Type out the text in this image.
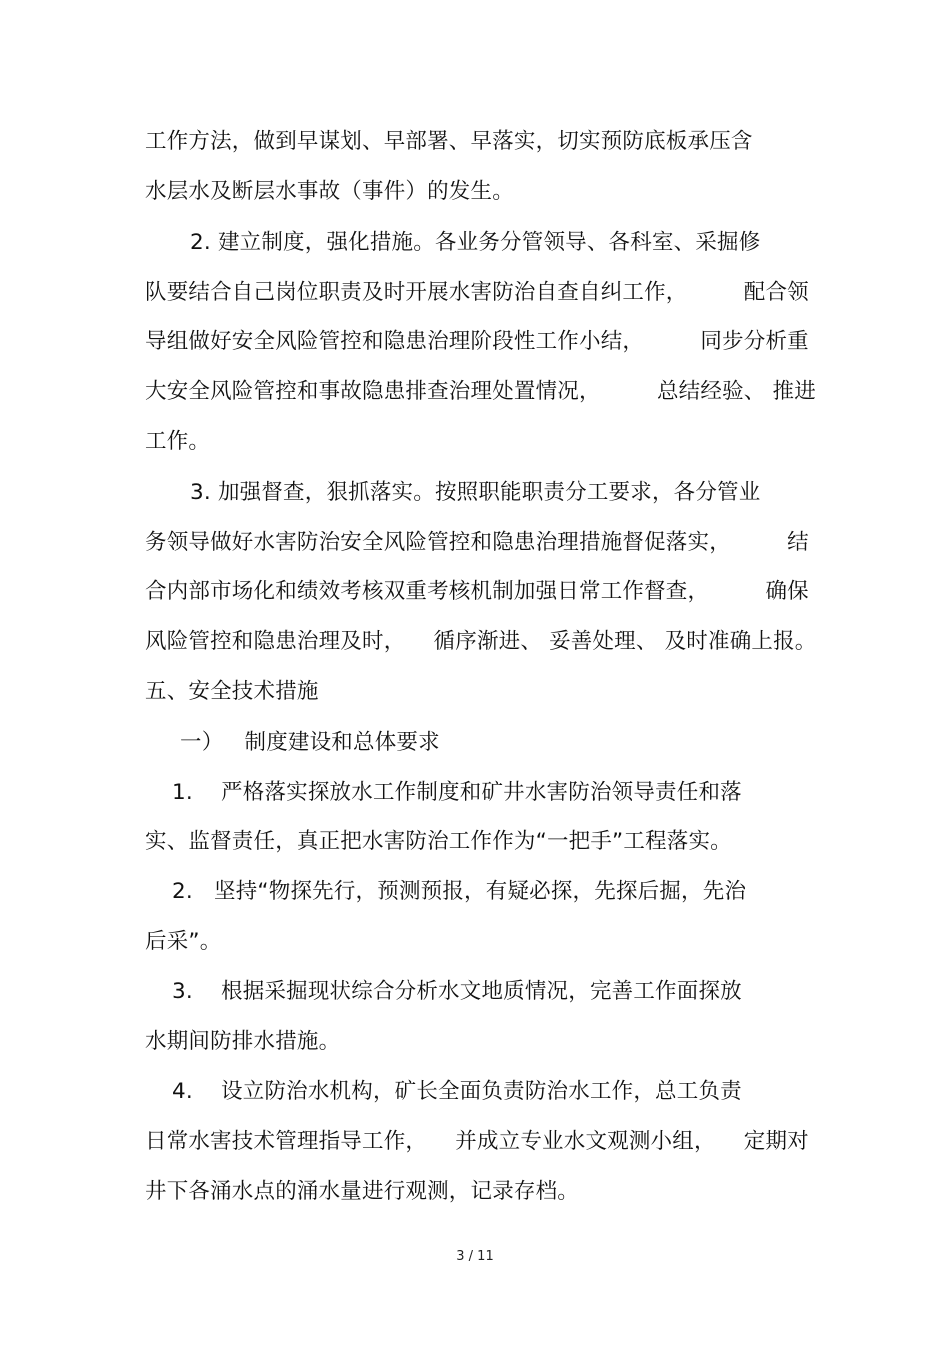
工作方法，做到早谋划、早部署、早落实，切实预防底板承压含
水层水及断层水事故（事件）的发生。
2. 建立制度，强化措施。各业务分管领导、各科室、采掘修
队要结合自己岗位职责及时开展水害防治自查自纠工作，        配合领
导组做好安全风险管控和隐患治理阶段性工作小结，        同步分析重
大安全风险管控和事故隐患排查治理处置情况，        总结经验、 推进
工作。
3. 加强督查，狠抓落实。按照职能职责分工要求，各分管业
务领导做好水害防治安全风险管控和隐患治理措施督促落实，        结
合内部市场化和绩效考核双重考核机制加强日常工作督查，        确保
风险管控和隐患治理及时，    循序渐进、 妥善处理、 及时准确上报。
五、安全技术措施
一）   制度建设和总体要求
1.    严格落实探放水工作制度和矿井水害防治领导责任和落
实、监督责任，真正把水害防治工作作为“一把手”工程落实。
2.   坚持“物探先行，预测预报，有疑必探，先探后掘，先治
后采”。
3.    根据采掘现状综合分析水文地质情况，完善工作面探放
水期间防排水措施。
4.    设立防治水机构，矿长全面负责防治水工作，总工负责
日常水害技术管理指导工作，    并成立专业水文观测小组，    定期对
井下各涌水点的涌水量进行观测，记录存档。
3 / 11
